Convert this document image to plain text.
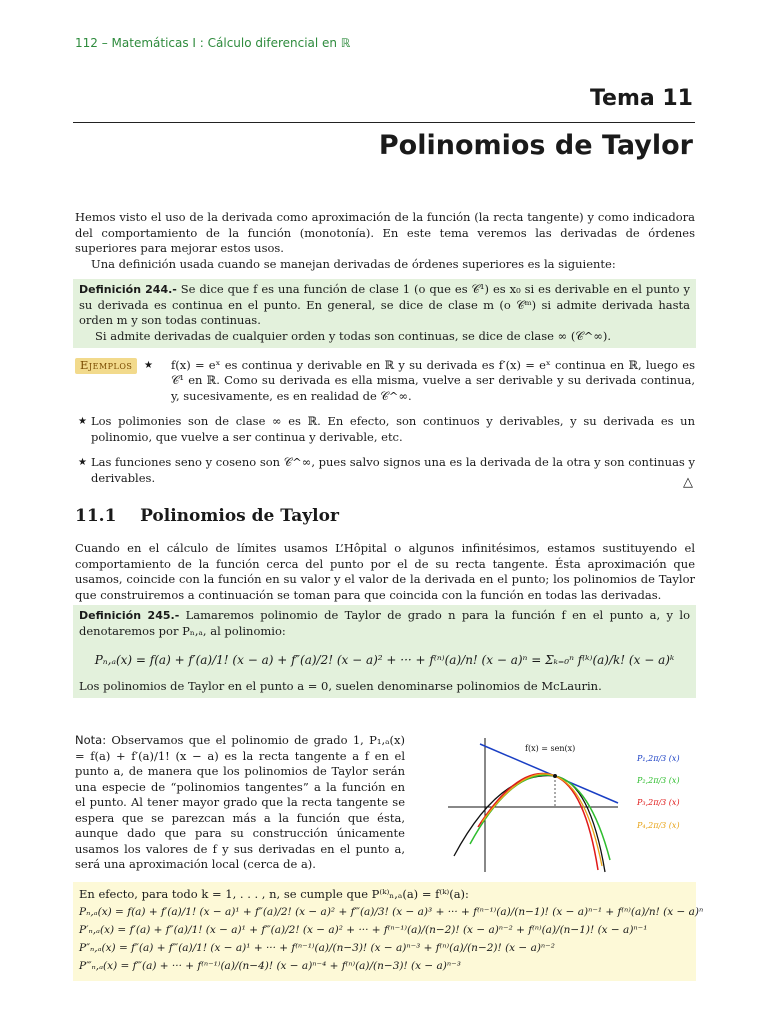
112 – Matemáticas I : Cálculo diferencial en ℝ
Tema 11
Polinomios de Taylor

Hemos visto el uso de la derivada como aproximación de la función (la recta tangente) y como indicadora del comportamiento de la función (monotonía). En este tema veremos las derivadas de órdenes superiores para mejorar estos usos.

Una definición usada cuando se manejan derivadas de órdenes superiores es la siguiente:

Definición 244.- Se dice que f es una función de clase 1 (o que es 𝒞¹) es x₀ si es derivable en el punto y su derivada es continua en el punto. En general, se dice de clase m (o 𝒞ᵐ) si admite derivada hasta orden m y son todas continuas.
Si admite derivadas de cualquier orden y todas son continuas, se dice de clase ∞ (𝒞^∞).
Ejemplos ★ f(x) = eˣ es continua y derivable en ℝ y su derivada es f′(x) = eˣ continua en ℝ, luego es 𝒞¹ en ℝ. Como su derivada es ella misma, vuelve a ser derivable y su derivada continua, y, sucesivamente, es en realidad de 𝒞^∞.
★ Los polimonies son de clase ∞ es ℝ. En efecto, son continuos y derivables, y su derivada es un polinomio, que vuelve a ser continua y derivable, etc.
★ Las funciones seno y coseno son 𝒞^∞, pues salvo signos una es la derivada de la otra y son continuas y derivables.	△
11.1 Polinomios de Taylor

Cuando en el cálculo de límites usamos L’Hôpital o algunos infinitésimos, estamos sustituyendo el comportamiento de la función cerca del punto por el de su recta tangente. Ésta aproximación que usamos, coincide con la función en su valor y el valor de la derivada en el punto; los polinomios de Taylor que construiremos a continuación se toman para que coincida con la función en todas las derivadas.

Definición 245.- Lamaremos polinomio de Taylor de grado n para la función f en el punto a, y lo denotaremos por Pₙ,ₐ, al polinomio:
Pₙ,ₐ(x) = f(a) + f′(a)/1! (x − a) + f″(a)/2! (x − a)² + ··· + f⁽ⁿ⁾(a)/n! (x − a)ⁿ = Σₖ₌₀ⁿ f⁽ᵏ⁾(a)/k! (x − a)ᵏ
Los polinomios de Taylor en el punto a = 0, suelen denominarse polinomios de McLaurin.

Nota: Observamos que el polinomio de grado 1, P₁,ₐ(x) = f(a) + f′(a)/1! (x − a) es la recta tangente a f en el punto a, de manera que los polinomios de Taylor serán una especie de “polinomios tangentes” a la función en el punto. Al tener mayor grado que la recta tangente se espera que se parezcan más a la función que ésta, aunque dado que para su construcción únicamente usamos los valores de f y sus derivadas en el punto a, será una aproximación local (cerca de a).

f(x) = sen(x)
P₁,2π/3 (x)
P₂,2π/3 (x)
P₃,2π/3 (x)
P₄,2π/3 (x)
En efecto, para todo k = 1, . . . , n, se cumple que P⁽ᵏ⁾ₙ,ₐ(a) = f⁽ᵏ⁾(a):
Pₙ,ₐ(x) = f(a) + f′(a)/1! (x − a)¹ + f″(a)/2! (x − a)² + f‴(a)/3! (x − a)³ + ··· + f⁽ⁿ⁻¹⁾(a)/(n−1)! (x − a)ⁿ⁻¹ + f⁽ⁿ⁾(a)/n! (x − a)ⁿ
P′ₙ,ₐ(x) = f′(a) + f″(a)/1! (x − a)¹ + f‴(a)/2! (x − a)² + ··· + f⁽ⁿ⁻¹⁾(a)/(n−2)! (x − a)ⁿ⁻² + f⁽ⁿ⁾(a)/(n−1)! (x − a)ⁿ⁻¹
P″ₙ,ₐ(x) = f″(a) + f‴(a)/1! (x − a)¹ + ··· + f⁽ⁿ⁻¹⁾(a)/(n−3)! (x − a)ⁿ⁻³ + f⁽ⁿ⁾(a)/(n−2)! (x − a)ⁿ⁻²
P‴ₙ,ₐ(x) = f‴(a) + ··· + f⁽ⁿ⁻¹⁾(a)/(n−4)! (x − a)ⁿ⁻⁴ + f⁽ⁿ⁾(a)/(n−3)! (x − a)ⁿ⁻³
